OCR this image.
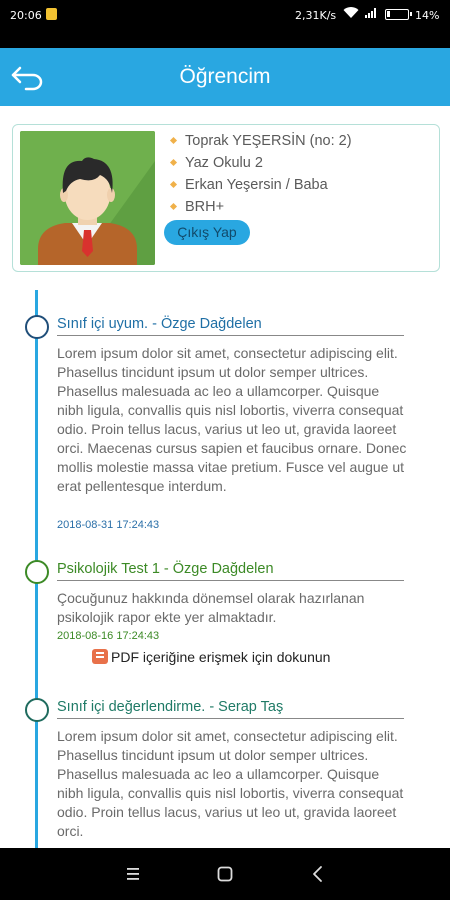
20:06	2,31K/s	14%
Öğrencim
Toprak YEŞERSİN (no: 2)
Yaz Okulu 2
Erkan Yeşersin / Baba
BRH+
Çıkış Yap
Sınıf içi uyum. - Özge Dağdelen
Lorem ipsum dolor sit amet, consectetur adipiscing elit. Phasellus tincidunt ipsum ut dolor semper ultrices. Phasellus malesuada ac leo a ullamcorper. Quisque nibh ligula, convallis quis nisl lobortis, viverra consequat odio. Proin tellus lacus, varius ut leo ut, gravida laoreet orci. Maecenas cursus sapien et faucibus ornare. Donec mollis molestie massa vitae pretium. Fusce vel augue ut erat pellentesque interdum.
2018-08-31 17:24:43
Psikolojik Test 1 - Özge Dağdelen
Çocuğunuz hakkında dönemsel olarak hazırlanan psikolojik rapor ekte yer almaktadır.
2018-08-16 17:24:43
PDF içeriğine erişmek için dokunun
Sınıf içi değerlendirme. - Serap Taş
Lorem ipsum dolor sit amet, consectetur adipiscing elit. Phasellus tincidunt ipsum ut dolor semper ultrices. Phasellus malesuada ac leo a ullamcorper. Quisque nibh ligula, convallis quis nisl lobortis, viverra consequat odio. Proin tellus lacus, varius ut leo ut, gravida laoreet orci.
